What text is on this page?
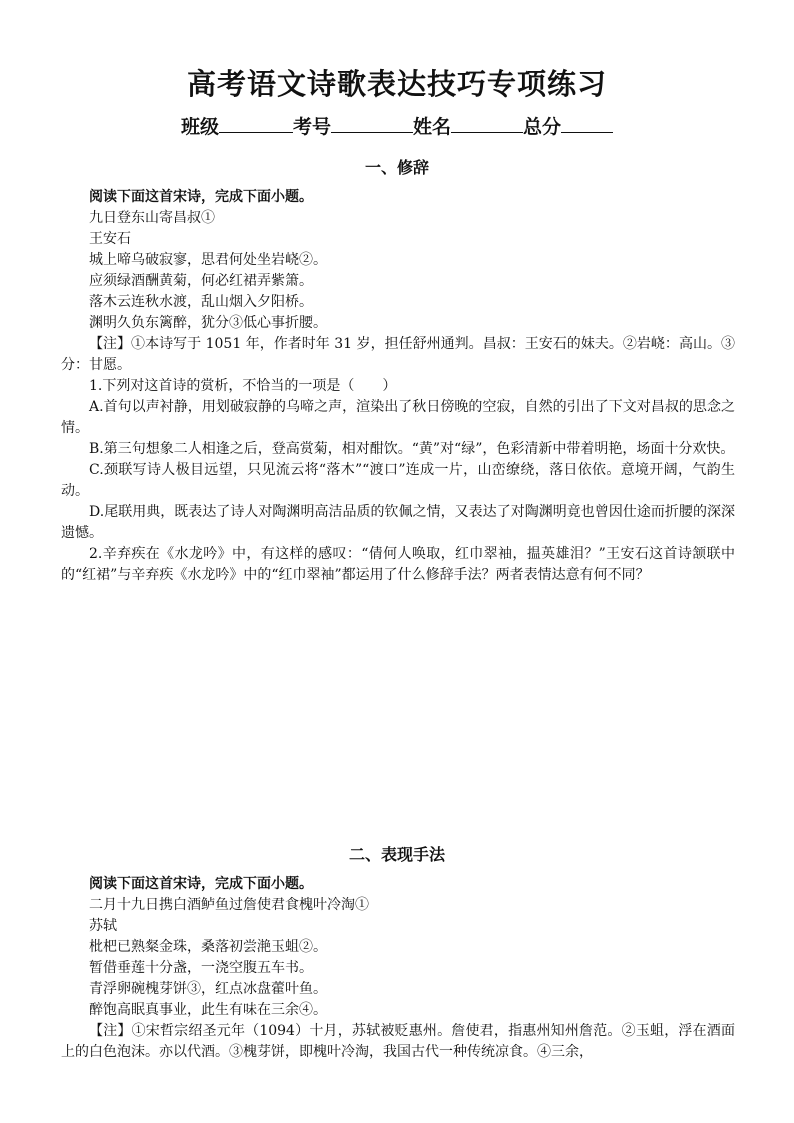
高考语文诗歌表达技巧专项练习
班级	考号	姓名	总分
一、修辞

阅读下面这首宋诗，完成下面小题。

九日登东山寄昌叔①

王安石

城上啼乌破寂寥，思君何处坐岩峣②。

应须绿酒酬黄菊，何必红裙弄紫箫。

落木云连秋水渡，乱山烟入夕阳桥。

渊明久负东篱醉，犹分③低心事折腰。

【注】①本诗写于 1051 年，作者时年 31 岁，担任舒州通判。昌叔：王安石的妹夫。②岩峣：高山。③分：甘愿。

1.下列对这首诗的赏析，不恰当的一项是（　　）

A.首句以声衬静，用划破寂静的乌啼之声，渲染出了秋日傍晚的空寂，自然的引出了下文对昌叔的思念之情。

B.第三句想象二人相逢之后，登高赏菊，相对酣饮。“黄”对“绿”，色彩清新中带着明艳，场面十分欢快。

C.颈联写诗人极目远望，只见流云将“落木”“渡口”连成一片，山峦缭绕，落日依依。意境开阔，气韵生动。

D.尾联用典，既表达了诗人对陶渊明高洁品质的钦佩之情，又表达了对陶渊明竟也曾因仕途而折腰的深深遗憾。

2.辛弃疾在《水龙吟》中，有这样的感叹：“倩何人唤取，红巾翠袖，揾英雄泪？”王安石这首诗颔联中的“红裙”与辛弃疾《水龙吟》中的“红巾翠袖”都运用了什么修辞手法？两者表情达意有何不同？

二、表现手法

阅读下面这首宋诗，完成下面小题。

二月十九日携白酒鲈鱼过詹使君食槐叶冷淘①

苏轼

枇杷已熟粲金珠，桑落初尝滟玉蛆②。

暂借垂莲十分盏，一浇空腹五车书。

青浮卵碗槐芽饼③，红点冰盘藿叶鱼。

醉饱高眠真事业，此生有味在三余④。

【注】①宋哲宗绍圣元年（1094）十月，苏轼被贬惠州。詹使君，指惠州知州詹范。②玉蛆，浮在酒面上的白色泡沫。亦以代酒。③槐芽饼，即槐叶冷淘，我国古代一种传统凉食。④三余，
